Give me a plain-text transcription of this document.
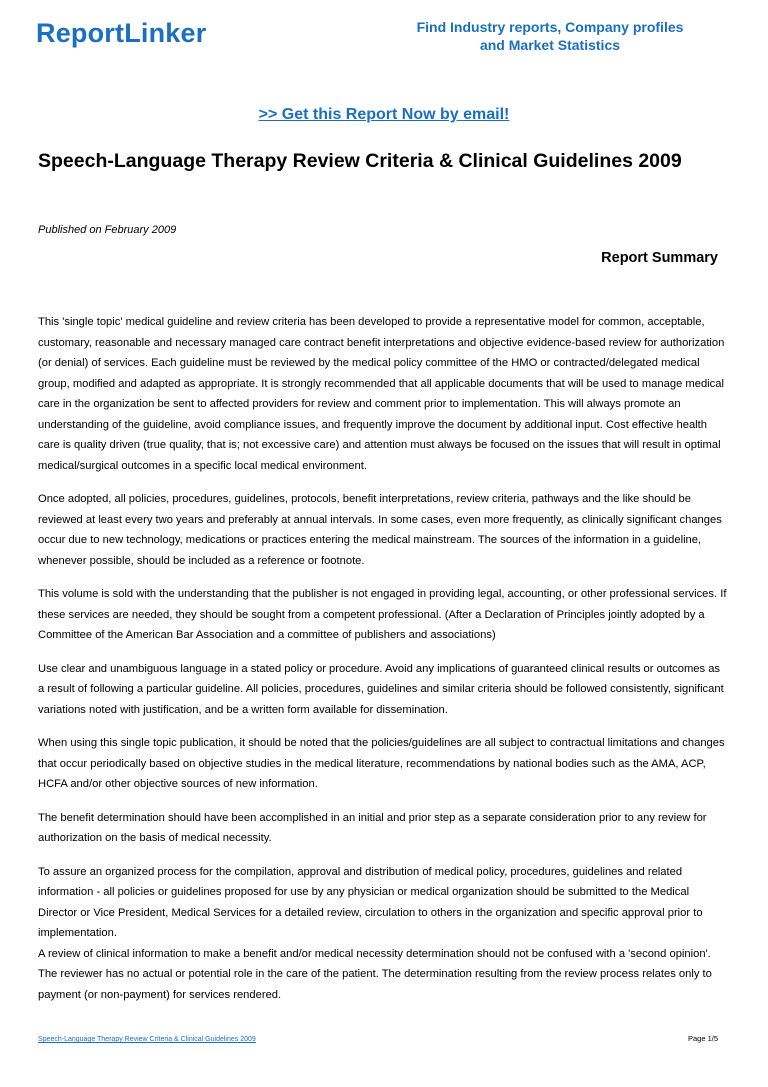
ReportLinker	Find Industry reports, Company profiles
and Market Statistics
>> Get this Report Now by email!
Speech-Language Therapy Review Criteria & Clinical Guidelines 2009
Published on February 2009
Report Summary

This 'single topic' medical guideline and review criteria has been developed to provide a representative model for common, acceptable, customary, reasonable and necessary managed care contract benefit interpretations and objective evidence-based review for authorization (or denial) of services. Each guideline must be reviewed by the medical policy committee of the HMO or contracted/delegated medical group, modified and adapted as appropriate. It is strongly recommended that all applicable documents that will be used to manage medical care in the organization be sent to affected providers for review and comment prior to implementation. This will always promote an understanding of the guideline, avoid compliance issues, and frequently improve the document by additional input. Cost effective health care is quality driven (true quality, that is; not excessive care) and attention must always be focused on the issues that will result in optimal medical/surgical outcomes in a specific local medical environment.

Once adopted, all policies, procedures, guidelines, protocols, benefit interpretations, review criteria, pathways and the like should be reviewed at least every two years and preferably at annual intervals. In some cases, even more frequently, as clinically significant changes occur due to new technology, medications or practices entering the medical mainstream. The sources of the information in a guideline, whenever possible, should be included as a reference or footnote.

This volume is sold with the understanding that the publisher is not engaged in providing legal, accounting, or other professional services. If these services are needed, they should be sought from a competent professional. (After a Declaration of Principles jointly adopted by a Committee of the American Bar Association and a committee of publishers and associations)

Use clear and unambiguous language in a stated policy or procedure. Avoid any implications of guaranteed clinical results or outcomes as a result of following a particular guideline. All policies, procedures, guidelines and similar criteria should be followed consistently, significant variations noted with justification, and be a written form available for dissemination.

When using this single topic publication, it should be noted that the policies/guidelines are all subject to contractual limitations and changes that occur periodically based on objective studies in the medical literature, recommendations by national bodies such as the AMA, ACP, HCFA and/or other objective sources of new information.

The benefit determination should have been accomplished in an initial and prior step as a separate consideration prior to any review for authorization on the basis of medical necessity.

To assure an organized process for the compilation, approval and distribution of medical policy, procedures, guidelines and related information - all policies or guidelines proposed for use by any physician or medical organization should be submitted to the Medical Director or Vice President, Medical Services for a detailed review, circulation to others in the organization and specific approval prior to implementation.

A review of clinical information to make a benefit and/or medical necessity determination should not be confused with a 'second opinion'. The reviewer has no actual or potential role in the care of the patient. The determination resulting from the review process relates only to payment (or non-payment) for services rendered.

Speech-Language Therapy Review Criteria & Clinical Guidelines 2009	Page 1/5
